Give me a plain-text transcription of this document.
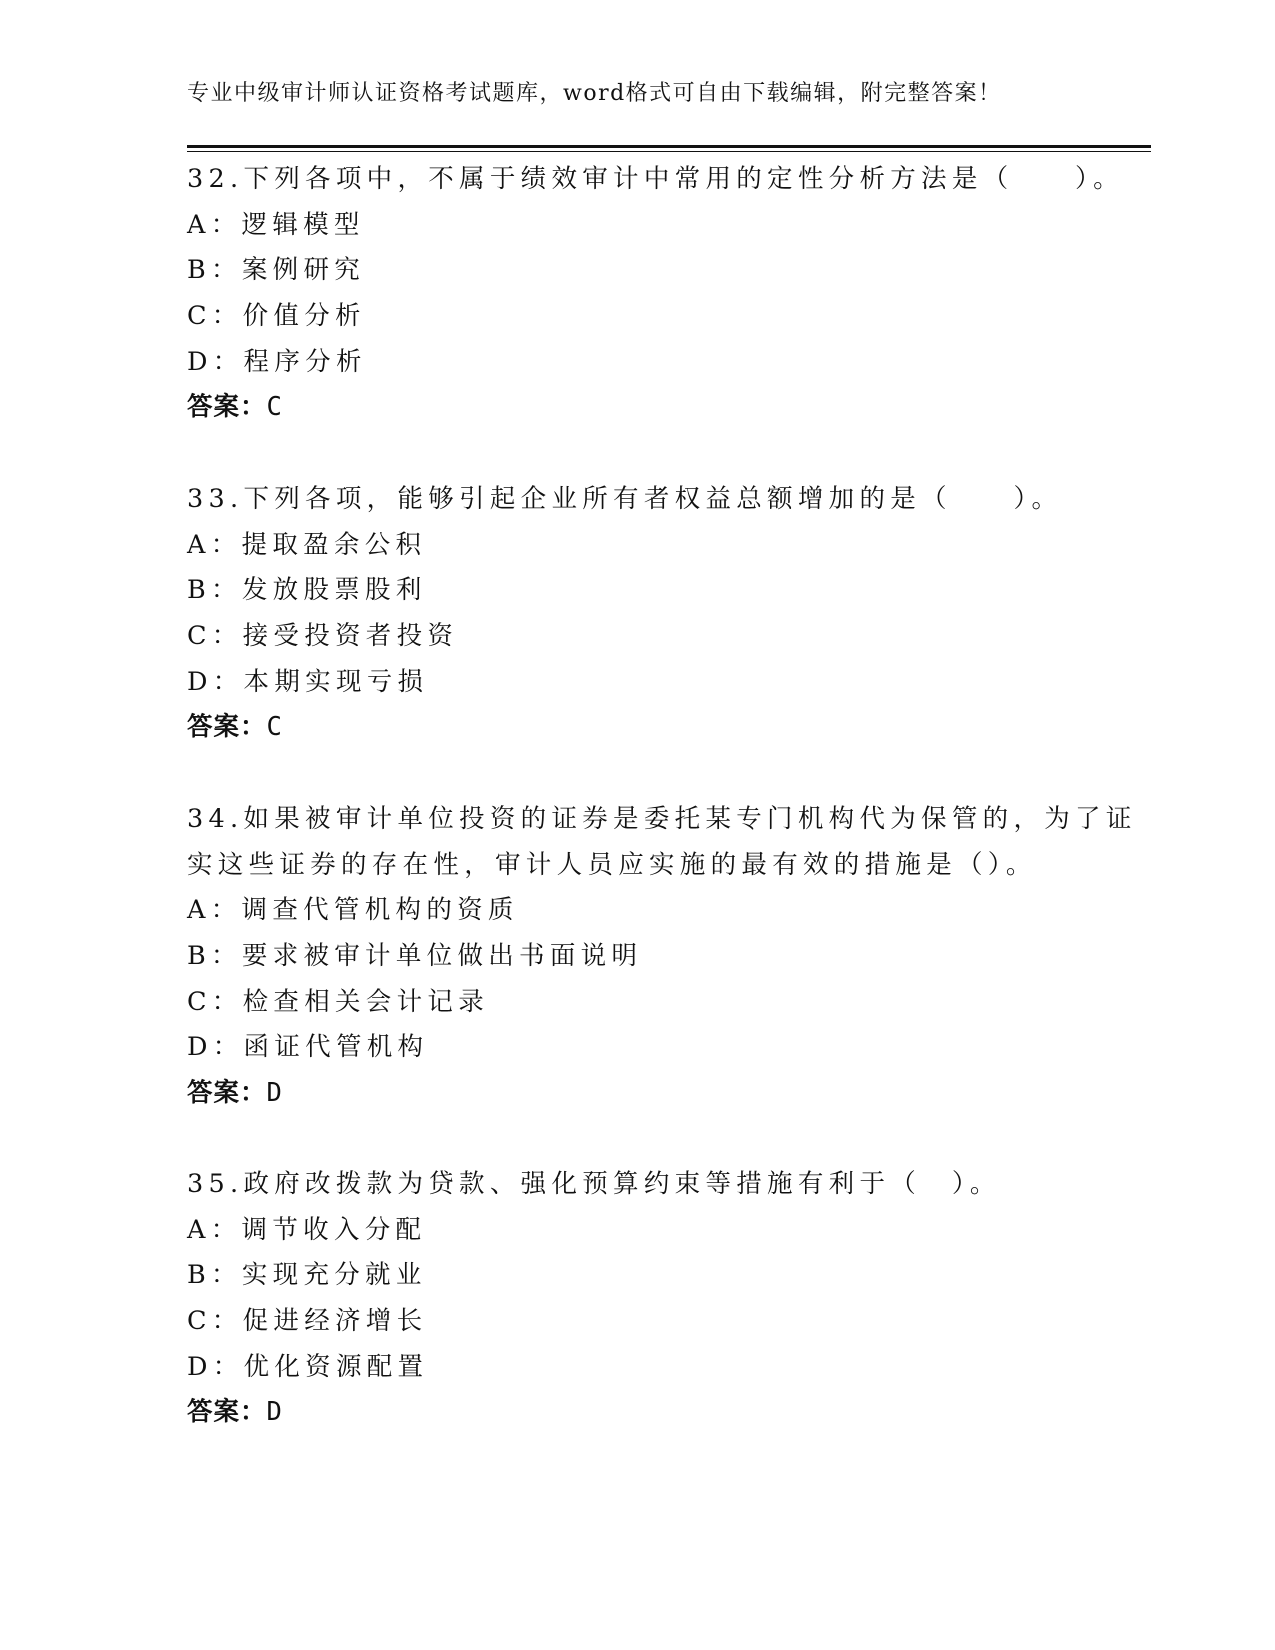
专业中级审计师认证资格考试题库，word格式可自由下载编辑，附完整答案！
32.下列各项中，不属于绩效审计中常用的定性分析方法是（　　）。
A：逻辑模型
B：案例研究
C：价值分析
D：程序分析
答案：C
33.下列各项，能够引起企业所有者权益总额增加的是（　　）。
A：提取盈余公积
B：发放股票股利
C：接受投资者投资
D：本期实现亏损
答案：C
34.如果被审计单位投资的证券是委托某专门机构代为保管的，为了证
实这些证券的存在性，审计人员应实施的最有效的措施是（）。
A：调查代管机构的资质
B：要求被审计单位做出书面说明
C：检查相关会计记录
D：函证代管机构
答案：D
35.政府改拨款为贷款、强化预算约束等措施有利于（　）。
A：调节收入分配
B：实现充分就业
C：促进经济增长
D：优化资源配置
答案：D
